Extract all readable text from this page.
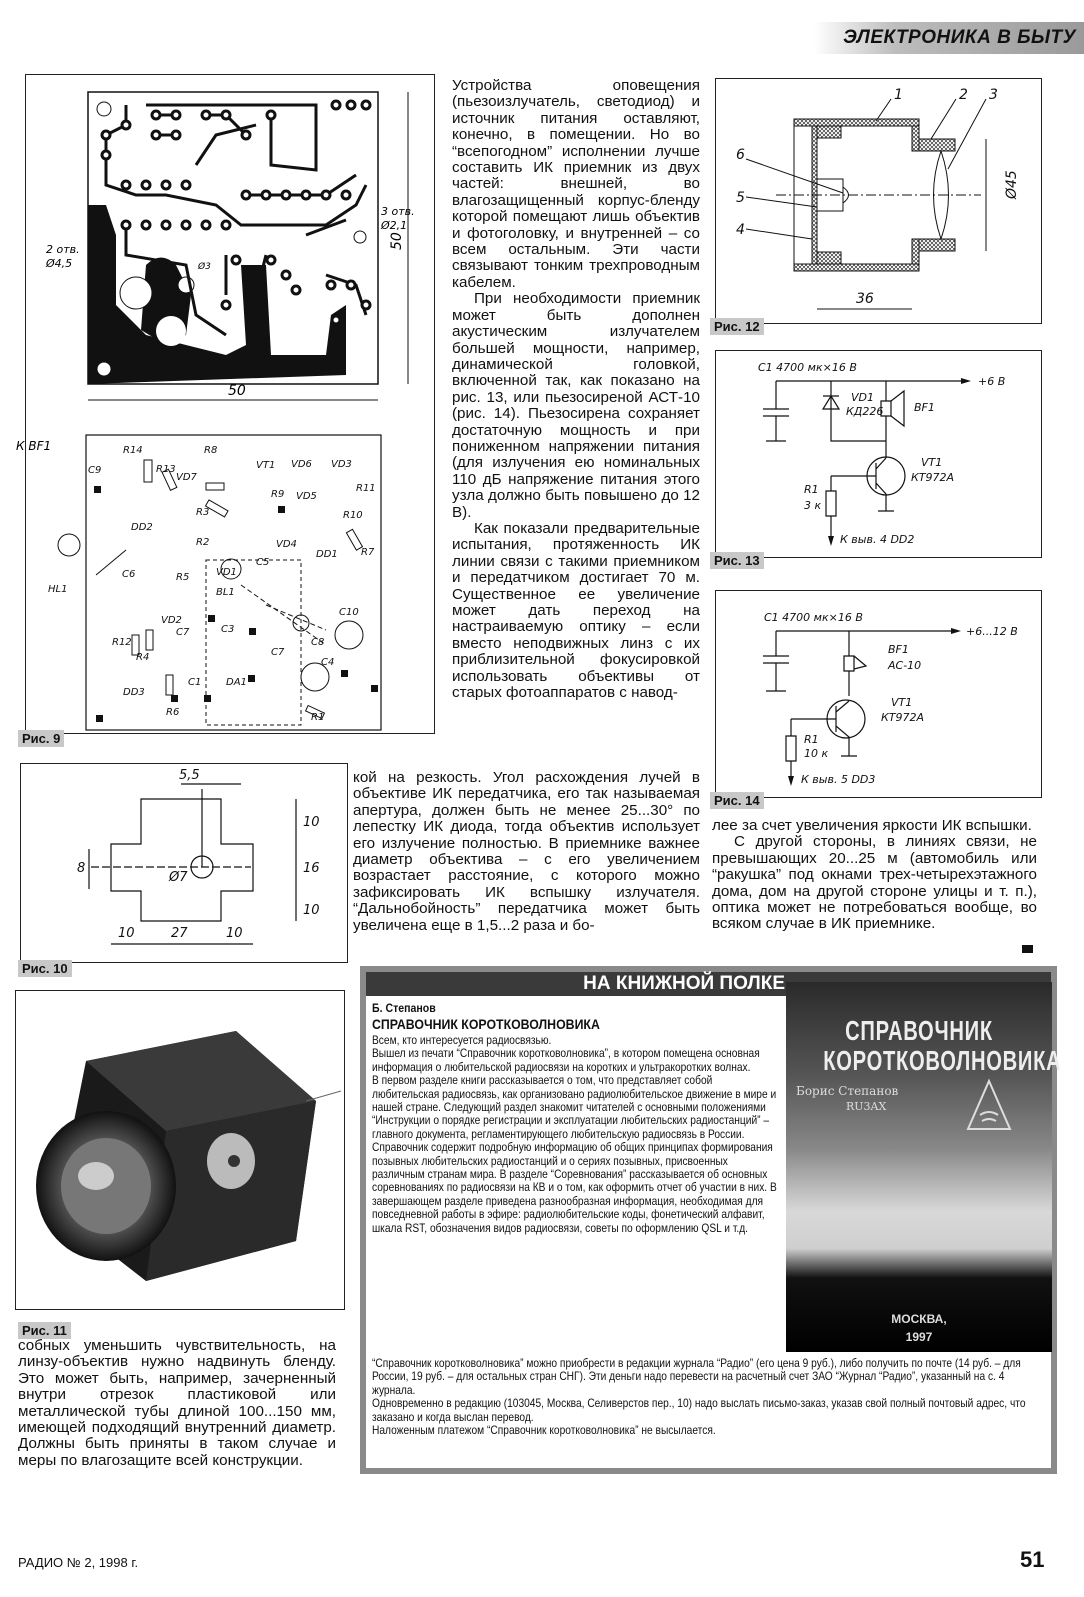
ЭЛЕКТРОНИКА В БЫТУ
50
50
2 отв.
Ø4,5
3 отв.
Ø2,1
Ø3
К BF1	R14	R8
R13
C9
VD7
VT1
R3
R9
VD6 VD3
R11
R10
VD5
DD2
R2
VD1
C5
VD4
DD1 R7
C6	R5
HL1	BL1
C3
R12
R4
VD2
C7
C7
C8
C10
DD3
C1 DA1
C4
R6	R1
Рис. 9
5,5
10
16
10
8
Ø7
10	27	10
Рис. 10
Рис. 11

собных уменьшить чувствительность, на линзу-объектив нужно надвинуть бленду. Это может быть, например, зачерненный внутри отрезок пластиковой или металлической тубы длиной 100...150 мм, имеющей подходящий внутренний диаметр. Должны быть приняты в таком случае и меры по влагозащите всей конструкции.

Устройства оповещения (пьезоизлучатель, светодиод) и источник питания оставляют, конечно, в помещении. Но во “всепогодном” исполнении лучше составить ИК приемник из двух частей: внешней, во влагозащищенный корпус-бленду которой помещают лишь объектив и фотоголовку, и внутренней – со всем остальным. Эти части связывают тонким трехпроводным кабелем.

При необходимости приемник может быть дополнен акустическим излучателем большей мощности, например, динамической головкой, включенной так, как показано на рис. 13, или пьезосиреной АСТ-10 (рис. 14). Пьезосирена сохраняет достаточную мощность и при пониженном напряжении питания (для излучения ею номинальных 110 дБ напряжение питания этого узла должно быть повышено до 12 В).

Как показали предварительные испытания, протяженность ИК линии связи с такими приемником и передатчиком достигает 70 м. Существенное ее увеличение может дать переход на настраиваемую оптику – если вместо неподвижных линз с их приблизительной фокусировкой использовать объективы от старых фотоаппаратов с навод-

кой на резкость. Угол расхождения лучей в объективе ИК передатчика, его так называемая апертура, должен быть не менее 25...30° по лепестку ИК диода, тогда объектив использует его излучение полностью. В приемнике важнее диаметр объектива – с его увеличением возрастает расстояние, с которого можно зафиксировать ИК вспышку излучателя. “Дальнобойность” передатчика может быть увеличена еще в 1,5...2 раза и бо-

1	2 3
4
5
6
36
Ø45
Рис. 12
C1 4700 мк×16 В
+6 В
VD1
КД226	BF1
VT1
КТ972А
R1
3 к
К выв. 4 DD2
Рис. 13
C1 4700 мк×16 В
+6...12 В
BF1
АС-10
VT1
КТ972А
R1
10 к
К выв. 5 DD3
Рис. 14

лее за счет увеличения яркости ИК вспышки.

С другой стороны, в линиях связи, не превышающих 20...25 м (автомобиль или “ракушка” под окнами трех-четырехэтажного дома, дом на другой стороне улицы и т. п.), оптика может не потребоваться вообще, во всяком случае в ИК приемнике.

НА КНИЖНОЙ ПОЛКЕ
Б. Степанов
СПРАВОЧНИК КОРОТКОВОЛНОВИКА

Всем, кто интересуется радиосвязью.

Вышел из печати “Справочник коротковолновика”, в котором помещена основная информация о любительской радиосвязи на коротких и ультракоротких волнах.

В первом разделе книги рассказывается о том, что представляет собой любительская радиосвязь, как организовано радиолюбительское движение в мире и нашей стране. Следующий раздел знакомит читателей с основными положениями “Инструкции о порядке регистрации и эксплуатации любительских радиостанций” – главного документа, регламентирующего любительскую радиосвязь в России. Справочник содержит подробную информацию об общих принципах формирования позывных любительских радиостанций и о сериях позывных, присвоенных различным странам мира. В разделе “Соревнования” рассказывается об основных соревнованиях по радиосвязи на КВ и о том, как оформить отчет об участии в них. В завершающем разделе приведена разнообразная информация, необходимая для повседневной работы в эфире: радиолюбительские коды, фонетический алфавит, шкала RST, обозначения видов радиосвязи, советы по оформлению QSL и т.д.

“Справочник коротковолновика” можно приобрести в редакции журнала “Радио” (его цена 9 руб.), либо получить по почте (14 руб. – для России, 19 руб. – для остальных стран СНГ). Эти деньги надо перевести на расчетный счет ЗАО “Журнал “Радио”, указанный на с. 4 журнала.

Одновременно в редакцию (103045, Москва, Селиверстов пер., 10) надо выслать письмо-заказ, указав свой полный почтовый адрес, что заказано и когда выслан перевод.

Наложенным платежом “Справочник коротковолновика” не высылается.

СПРАВОЧНИК
КОРОТКОВОЛНОВИКА
Борис Степанов
RU3AX
МОСКВА,
1997
РАДИО № 2, 1998 г.	51
